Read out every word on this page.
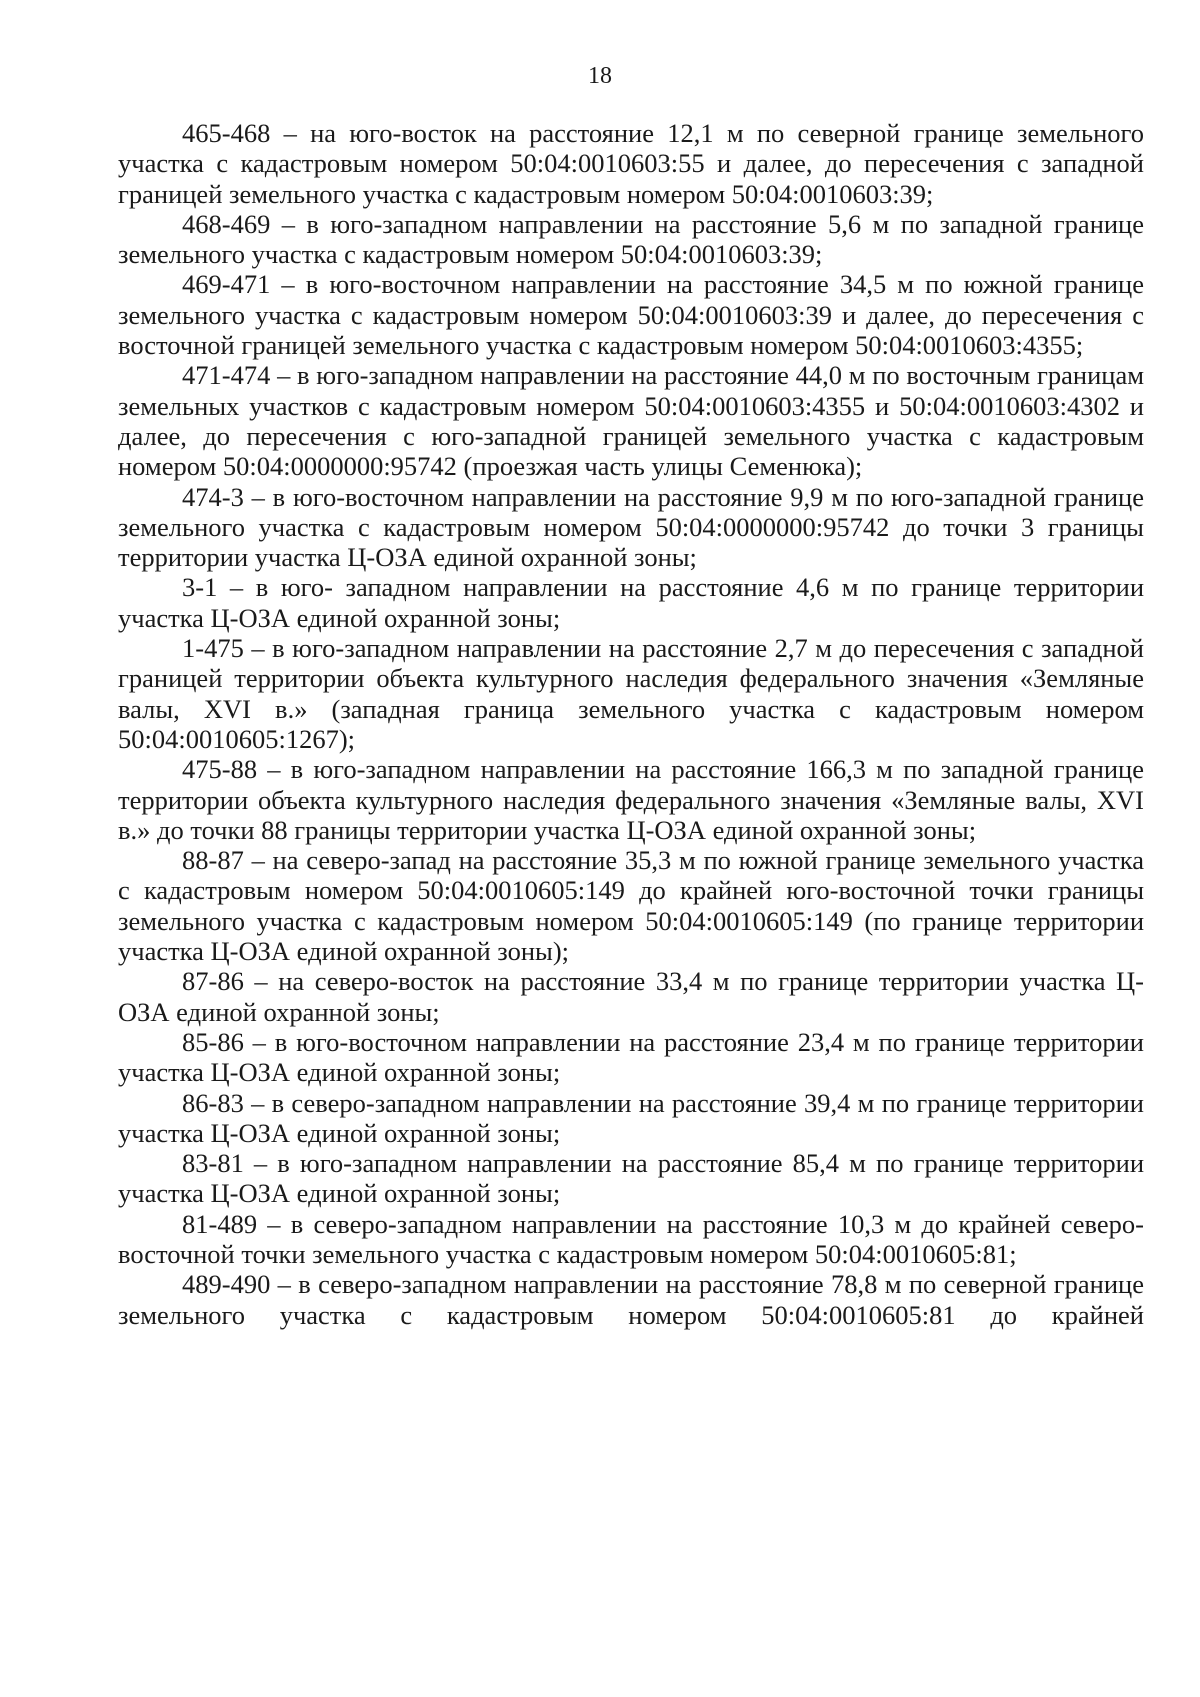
18

465-468 – на юго-восток на расстояние 12,1 м по северной границе земельного участка с кадастровым номером 50:04:0010603:55 и далее, до пересечения с западной границей земельного участка с кадастровым номером 50:04:0010603:39;

468-469 – в юго-западном направлении на расстояние 5,6 м по западной границе земельного участка с кадастровым номером 50:04:0010603:39;

469-471 – в юго-восточном направлении на расстояние 34,5 м по южной границе земельного участка с кадастровым номером 50:04:0010603:39 и далее, до пересечения с восточной границей земельного участка с кадастровым номером 50:04:0010603:4355;

471-474 – в юго-западном направлении на расстояние 44,0 м по восточным границам земельных участков с кадастровым номером 50:04:0010603:4355 и 50:04:0010603:4302 и далее, до пересечения с юго-западной границей земельного участка с кадастровым номером 50:04:0000000:95742 (проезжая часть улицы Семенюка);

474-3 – в юго-восточном направлении на расстояние 9,9 м по юго-западной границе земельного участка с кадастровым номером 50:04:0000000:95742 до точки 3 границы территории участка Ц-ОЗА единой охранной зоны;

3-1 – в юго- западном направлении на расстояние 4,6 м по границе территории участка Ц-ОЗА единой охранной зоны;

1-475 – в юго-западном направлении на расстояние 2,7 м до пересечения с западной границей территории объекта культурного наследия федерального значения «Земляные валы, XVI в.» (западная граница земельного участка с кадастровым номером 50:04:0010605:1267);

475-88 – в юго-западном направлении на расстояние 166,3 м по западной границе территории объекта культурного наследия федерального значения «Земляные валы, XVI в.» до точки 88 границы территории участка Ц-ОЗА единой охранной зоны;

88-87 – на северо-запад на расстояние 35,3 м по южной границе земельного участка с кадастровым номером 50:04:0010605:149 до крайней юго-восточной точки границы земельного участка с кадастровым номером 50:04:0010605:149 (по границе территории участка Ц-ОЗА единой охранной зоны);

87-86 – на северо-восток на расстояние 33,4 м по границе территории участка Ц-ОЗА единой охранной зоны;

85-86 – в юго-восточном направлении на расстояние 23,4 м по границе территории участка Ц-ОЗА единой охранной зоны;

86-83 – в северо-западном направлении на расстояние 39,4 м по границе территории участка Ц-ОЗА единой охранной зоны;

83-81 – в юго-западном направлении на расстояние 85,4 м по границе территории участка Ц-ОЗА единой охранной зоны;

81-489 – в северо-западном направлении на расстояние 10,3 м до крайней северо-восточной точки земельного участка с кадастровым номером 50:04:0010605:81;

489-490 – в северо-западном направлении на расстояние 78,8 м по северной границе земельного участка с кадастровым номером 50:04:0010605:81 до крайней
